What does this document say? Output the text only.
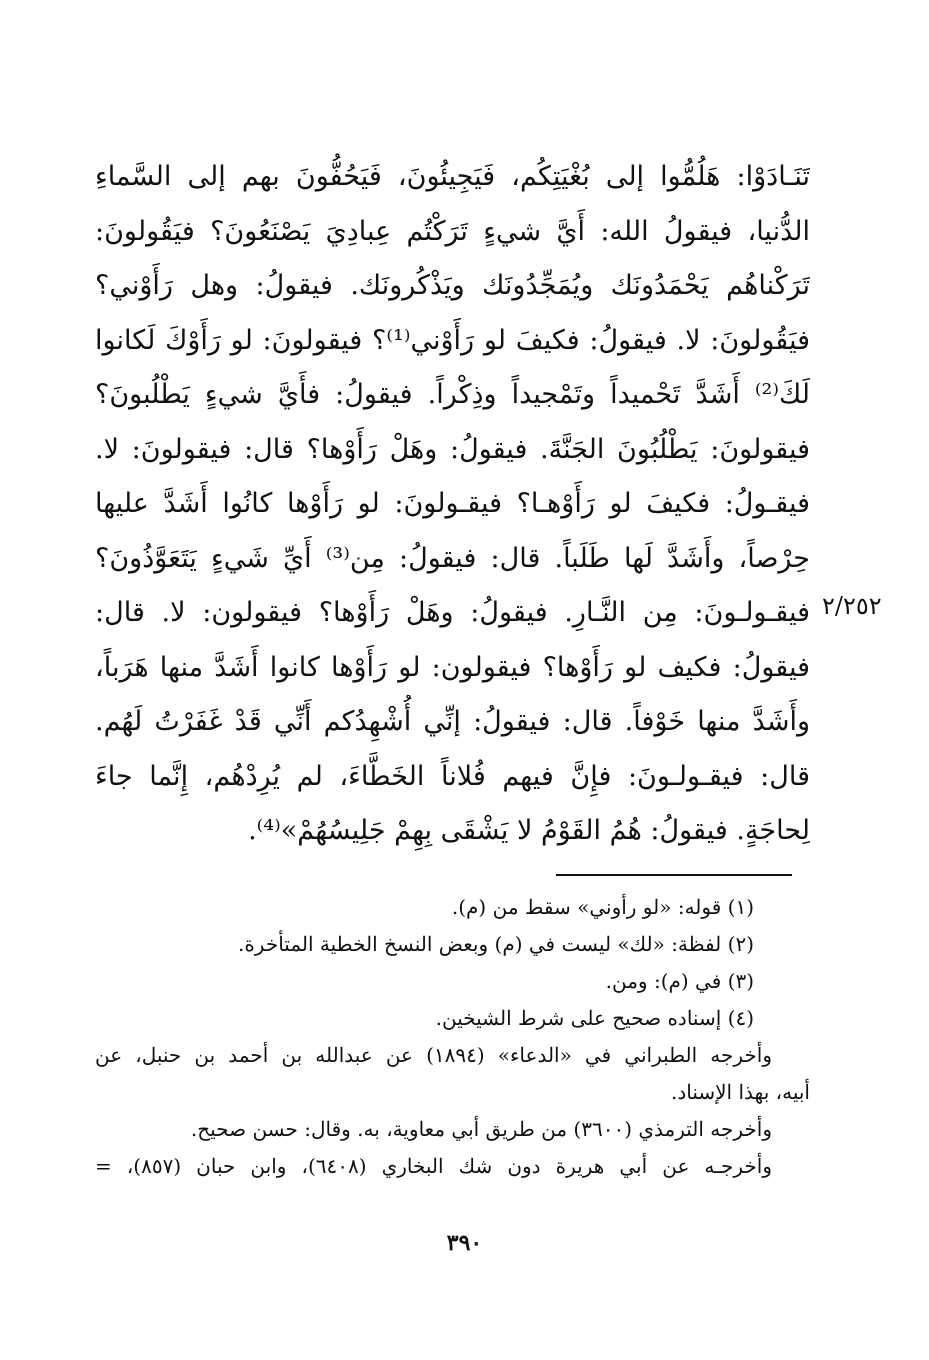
تَنَـادَوْا: هَلُمُّوا إلى بُغْيَتِكُم، فَيَجِيئُونَ، فَيَحُفُّونَ بهم إلى السَّماءِ
الدُّنيا، فيقولُ الله: أَيَّ شيءٍ تَرَكْتُم عِبادِيَ يَصْنَعُونَ؟ فيَقُولونَ:
تَرَكْناهُم يَحْمَدُونَك ويُمَجِّدُونَك ويَذْكُرونَك. فيقولُ: وهل رَأَوْني؟
فيَقُولونَ: لا. فيقولُ: فكيفَ لو رَأَوْني⁽¹⁾؟ فيقولونَ: لو رَأَوْكَ لَكانوا
لَكَ⁽²⁾ أَشَدَّ تَحْميداً وتَمْجيداً وذِكْراً. فيقولُ: فأَيَّ شيءٍ يَطْلُبونَ؟
فيقولونَ: يَطْلُبُونَ الجَنَّةَ. فيقولُ: وهَلْ رَأَوْها؟ قال: فيقولونَ: لا.
فيقـولُ: فكيفَ لو رَأَوْهـا؟ فيقـولونَ: لو رَأَوْها كانُوا أَشَدَّ عليها
حِرْصاً، وأَشَدَّ لَها طَلَباً. قال: فيقولُ: مِن⁽³⁾ أَيِّ شَيءٍ يَتَعَوَّذُونَ؟
فيقـولـونَ: مِن النَّـارِ. فيقولُ: وهَلْ رَأَوْها؟ فيقولون: لا. قال:
فيقولُ: فكيف لو رَأَوْها؟ فيقولون: لو رَأَوْها كانوا أَشَدَّ منها هَرَباً،
وأَشَدَّ منها خَوْفاً. قال: فيقولُ: إنِّي أُشْهِدُكم أَنِّي قَدْ غَفَرْتُ لَهُم.
قال: فيقـولـونَ: فإِنَّ فيهم فُلاناً الخَطَّاءَ، لم يُرِدْهُم، إِنَّما جاءَ
لِحاجَةٍ. فيقولُ: هُمُ القَوْمُ لا يَشْقَى بِهِمْ جَلِيسُهُمْ»⁽⁴⁾.
٢/٢٥٢
(١) قوله: «لو رأوني» سقط من (م).
(٢) لفظة: «لك» ليست في (م) وبعض النسخ الخطية المتأخرة.
(٣) في (م): ومن.
(٤) إسناده صحيح على شرط الشيخين.
وأخرجه الطبراني في «الدعاء» (١٨٩٤) عن عبدالله بن أحمد بن حنبل، عن
أبيه، بهذا الإسناد.
وأخرجه الترمذي (٣٦٠٠) من طريق أبي معاوية، به. وقال: حسن صحيح.
وأخرجـه عن أبي هريرة دون شك البخاري (٦٤٠٨)، وابن حبان (٨٥٧)، =
٣٩٠
